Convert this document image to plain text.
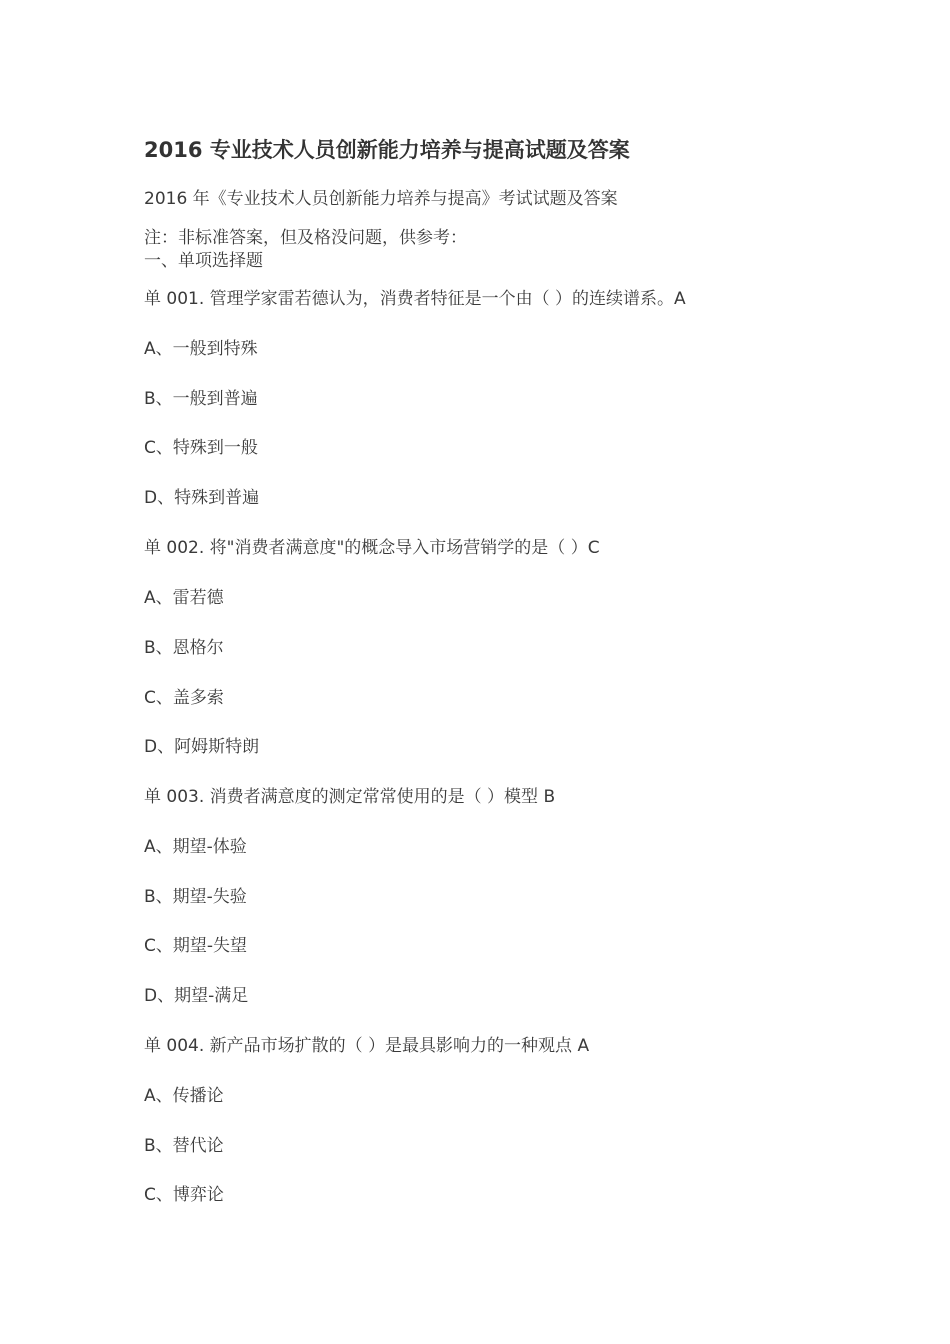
2016 专业技术人员创新能力培养与提高试题及答案
2016 年《专业技术人员创新能力培养与提高》考试试题及答案
注：非标准答案，但及格没问题，供参考：
一、单项选择题
单 001. 管理学家雷若德认为，消费者特征是一个由（ ）的连续谱系。A
A、一般到特殊
B、一般到普遍
C、特殊到一般
D、特殊到普遍
单 002. 将"消费者满意度"的概念导入市场营销学的是（ ）C
A、雷若德
B、恩格尔
C、盖多索
D、阿姆斯特朗
单 003. 消费者满意度的测定常常使用的是（ ）模型 B
A、期望-体验
B、期望-失验
C、期望-失望
D、期望-满足
单 004. 新产品市场扩散的（ ）是最具影响力的一种观点 A
A、传播论
B、替代论
C、博弈论
